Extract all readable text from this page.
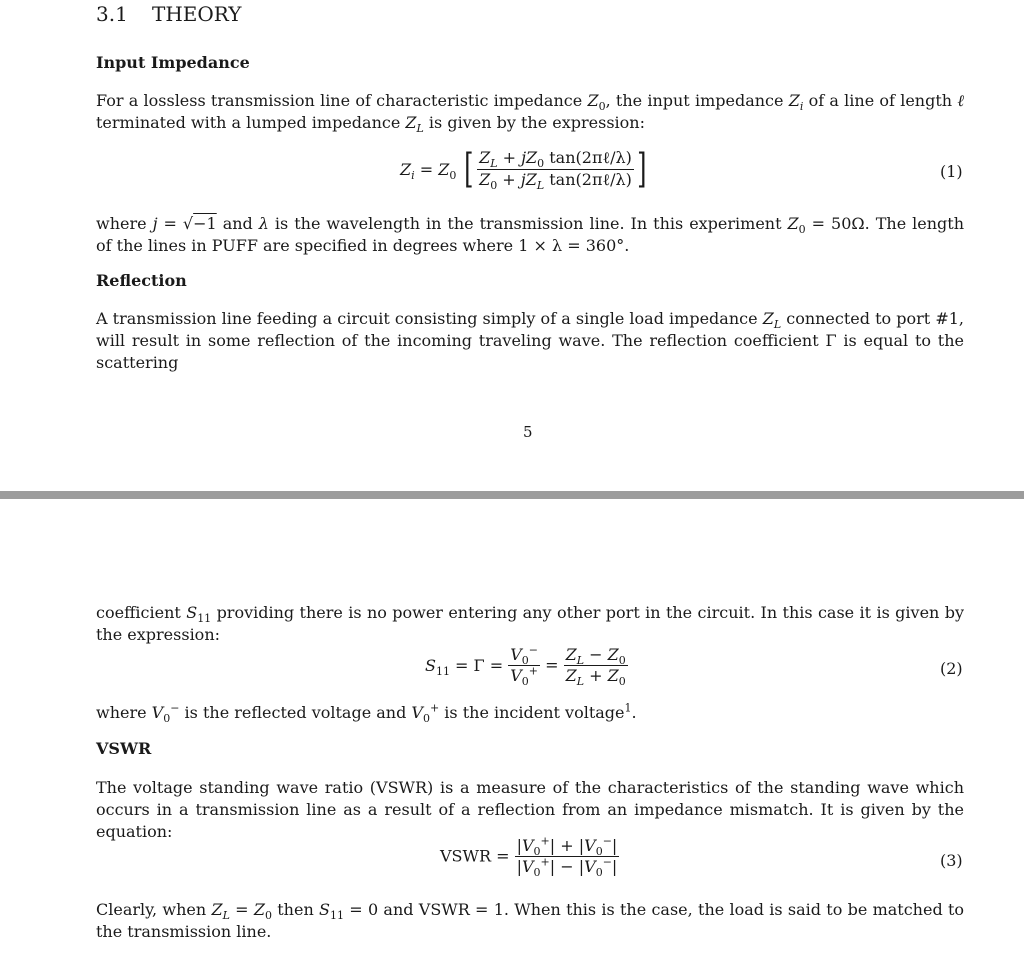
3.1 THEORY
Input Impedance
For a lossless transmission line of characteristic impedance $Z_0$, the input impedance $Z_i$ of a line of length ℓ terminated with a lumped impedance $Z_L$ is given by the expression:
$Z_i = Z_0$ [ $\frac{Z_L + jZ_0 \tan(2\pi\ell/\lambda)}{Z_0 + jZ_L \tan(2\pi\ell/\lambda)}$ ]	(1)
where j = √−1 and λ is the wavelength in the transmission line. In this experiment $Z_0 = 50\Omega$. The length of the lines in PUFF are specified in degrees where 1 × λ = 360°.
Reflection
A transmission line feeding a circuit consisting simply of a single load impedance $Z_L$ connected to port #1, will result in some reflection of the incoming traveling wave. The reflection coefficient Γ is equal to the scattering
5
coefficient $S_{11}$ providing there is no power entering any other port in the circuit. In this case it is given by the expression:
$S_{11} = \Gamma = \frac{V_0^-}{V_0^+} = \frac{Z_L - Z_0}{Z_L + Z_0}$	(2)
where $V_0^-$ is the reflected voltage and $V_0^+$ is the incident voltage$^1$.
VSWR
The voltage standing wave ratio (VSWR) is a measure of the characteristics of the standing wave which occurs in a transmission line as a result of a reflection from an impedance mismatch. It is given by the equation:
VSWR = $\frac{|V_0^+| + |V_0^-|}{|V_0^+| - |V_0^-|}$	(3)
Clearly, when $Z_L = Z_0$ then $S_{11} = 0$ and VSWR = 1. When this is the case, the load is said to be matched to the transmission line.
